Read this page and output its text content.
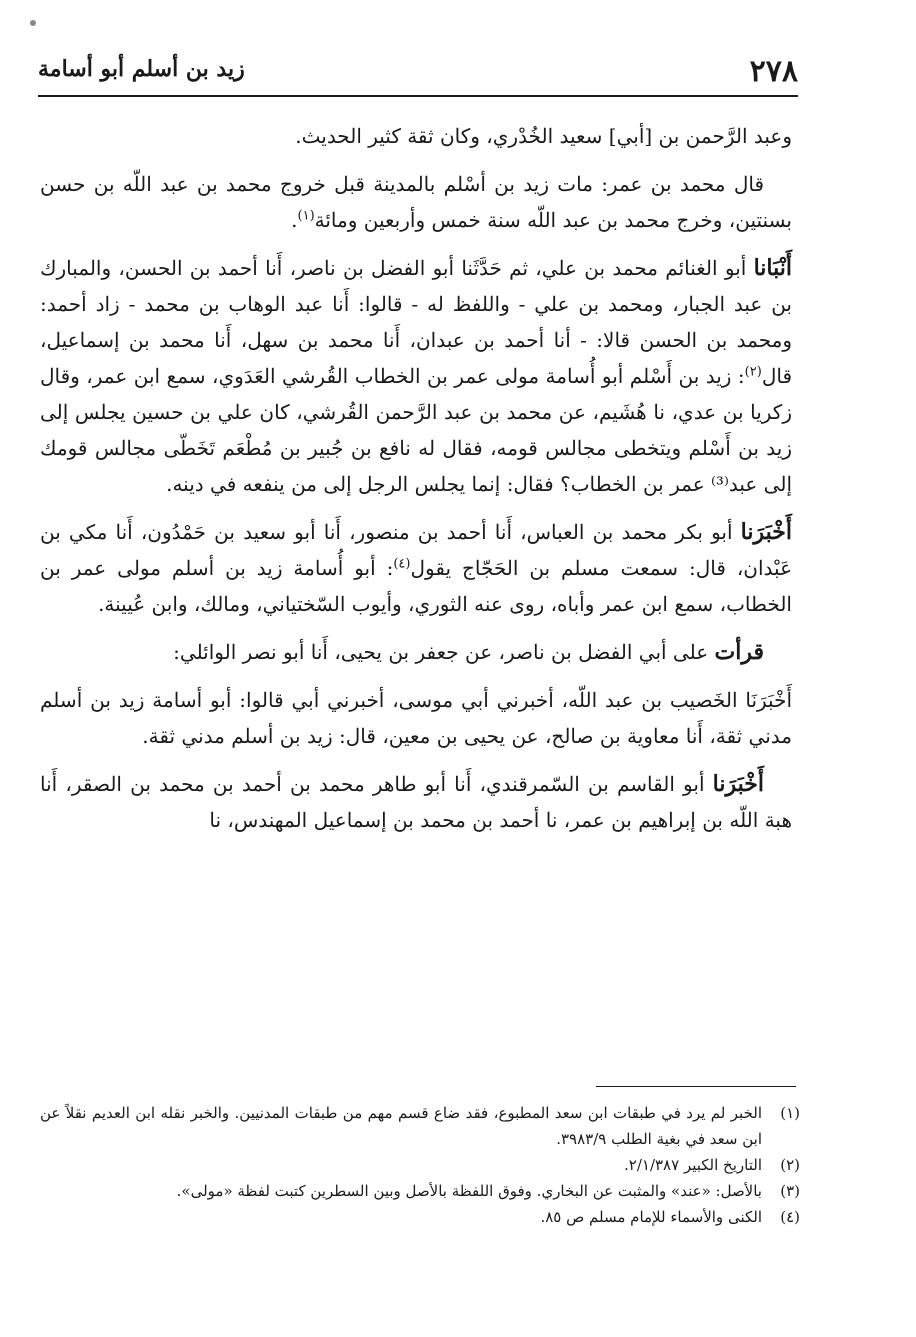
٢٧٨
زيد بن أسلم أبو أسامة

وعبد الرَّحمن بن [أبي] سعيد الخُدْري، وكان ثقة كثير الحديث.

قال محمد بن عمر: مات زيد بن أسْلم بالمدينة قبل خروج محمد بن عبد اللّه بن حسن بسنتين، وخرج محمد بن عبد اللّه سنة خمس وأربعين ومائة$^{(١)}$.

أَنْبَانا أبو الغنائم محمد بن علي، ثم حَدَّثَنا أبو الفضل بن ناصر، أَنا أحمد بن الحسن، والمبارك بن عبد الجبار، ومحمد بن علي - واللفظ له - قالوا: أَنا عبد الوهاب بن محمد - زاد أحمد: ومحمد بن الحسن قالا: - أنا أحمد بن عبدان، أَنا محمد بن سهل، أَنا محمد بن إسماعيل، قال$^{(٢)}$: زيد بن أَسْلم أبو أُسامة مولى عمر بن الخطاب القُرشي العَدَوي، سمع ابن عمر، وقال زكريا بن عدي، نا هُشَيم، عن محمد بن عبد الرَّحمن القُرشي، كان علي بن حسين يجلس إلى زيد بن أَسْلم ويتخطى مجالس قومه، فقال له نافع بن جُبير بن مُطْعَم تَخَطّى مجالس قومك إلى عبد⁽³⁾ عمر بن الخطاب؟ فقال: إنما يجلس الرجل إلى من ينفعه في دينه.

أَخْبَرَنا أبو بكر محمد بن العباس، أَنا أحمد بن منصور، أَنا أبو سعيد بن حَمْدُون، أَنا مكي بن عَبْدان، قال: سمعت مسلم بن الحَجّاج يقول$^{(٤)}$: أبو أُسامة زيد بن أسلم مولى عمر بن الخطاب، سمع ابن عمر وأباه، روى عنه الثوري، وأيوب السّختياني، ومالك، وابن عُيينة.

قرأت على أبي الفضل بن ناصر، عن جعفر بن يحيى، أَنا أبو نصر الوائلي:

أَخْبَرَنَا الخَصيب بن عبد اللّه، أخبرني أبي موسى، أخبرني أبي قالوا: أبو أسامة زيد بن أسلم مدني ثقة، أَنا معاوية بن صالح، عن يحيى بن معين، قال: زيد بن أسلم مدني ثقة.

أَخْبَرَنا أبو القاسم بن السّمرقندي، أَنا أبو طاهر محمد بن أحمد بن محمد بن الصقر، أَنا هبة اللّه بن إبراهيم بن عمر، نا أحمد بن محمد بن إسماعيل المهندس، نا

(١)
الخبر لم يرد في طبقات ابن سعد المطبوع، فقد ضاع قسم مهم من طبقات المدنيين. والخبر نقله ابن العديم نقلاً عن ابن سعد في بغية الطلب ٣٩٨٣/٩.
(٢)
التاريخ الكبير ٢/١/٣٨٧.
(٣)
بالأصل: «عند» والمثبت عن البخاري. وفوق اللفظة بالأصل وبين السطرين كتبت لفظة «مولى».
(٤)
الكنى والأسماء للإمام مسلم ص ٨٥.
